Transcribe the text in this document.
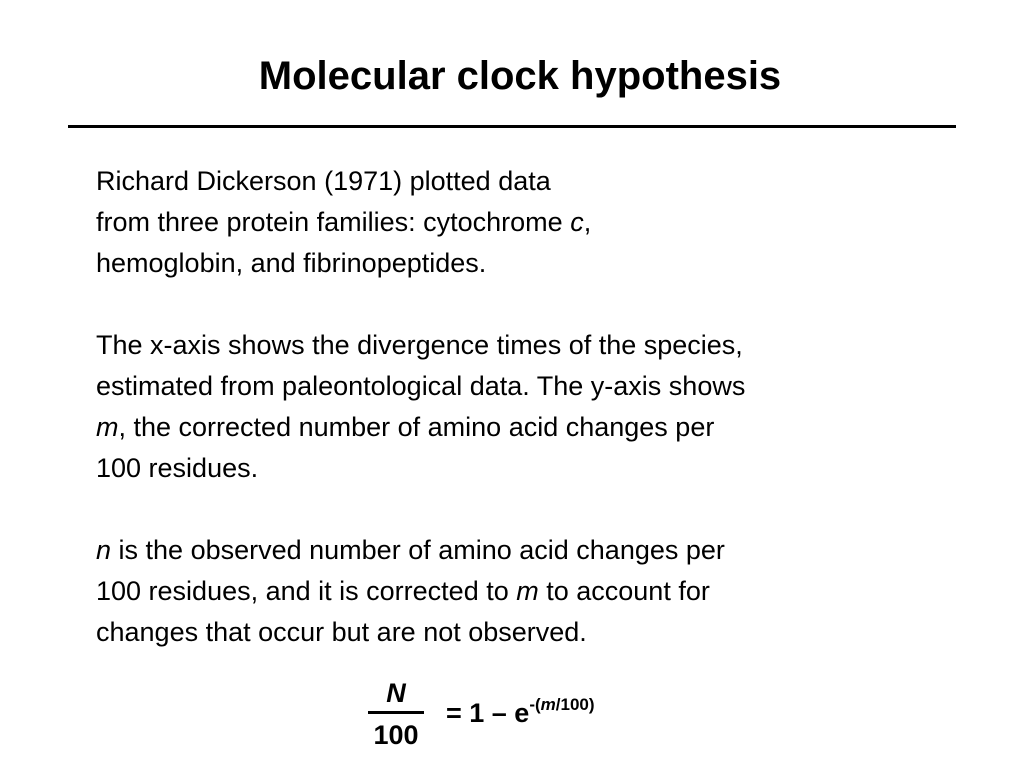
Molecular clock hypothesis
Richard Dickerson (1971) plotted data
from three protein families: cytochrome c,
hemoglobin, and fibrinopeptides.
The x-axis shows the divergence times of the species,
estimated from paleontological data. The y-axis shows
m, the corrected number of amino acid changes per
100 residues.
n is the observed number of amino acid changes per
100 residues, and it is corrected to m to account for
changes that occur but are not observed.
N
100
= $1 - e^{-(m/100)}$
